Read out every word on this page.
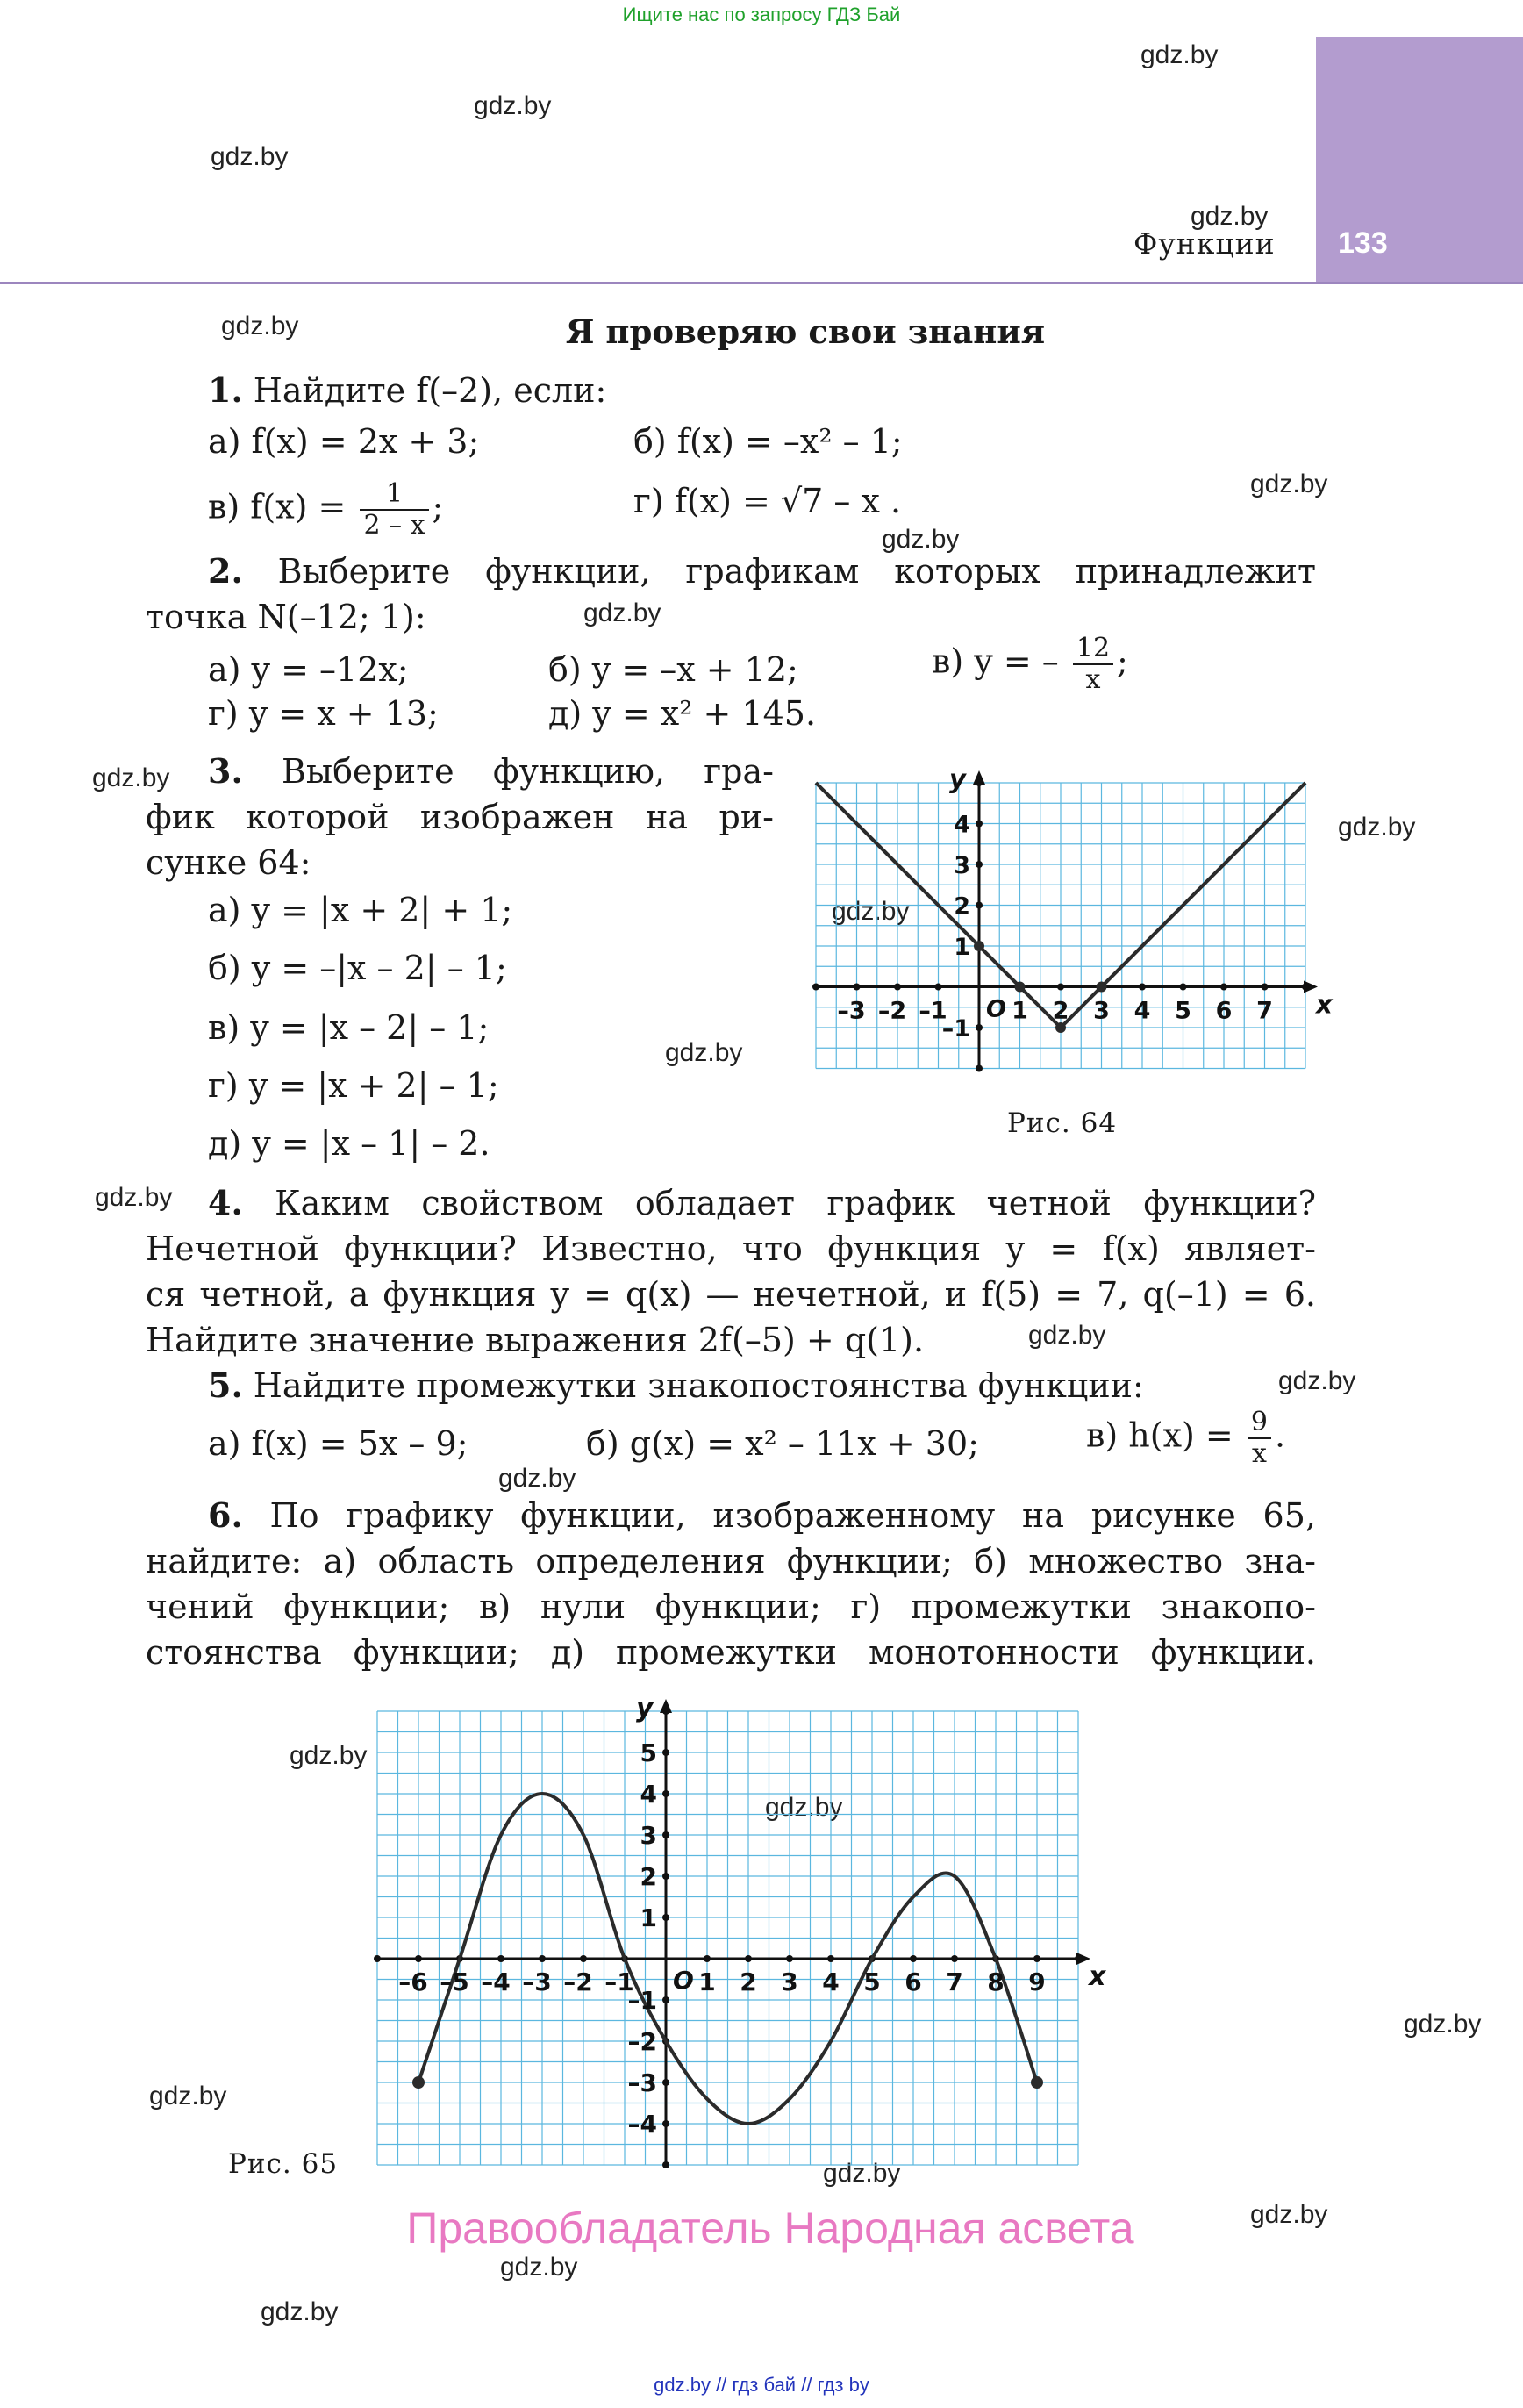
Ищите нас по запросу ГДЗ Бай
133
Функции
gdz.by
gdz.by
gdz.by
gdz.by
gdz.by
gdz.by
gdz.by
gdz.by
gdz.by
gdz.by
gdz.by
gdz.by
gdz.by
gdz.by
gdz.by
gdz.by
gdz.by
gdz.by
gdz.by
gdz.by
gdz.by
gdz.by
gdz.by
gdz.by
Я проверяю свои знания
1. Найдите f(–2), если:
а) f(x) = 2x + 3;	б) f(x) = –x² – 1;
в) $f(x) = \frac{1}{2 - x}$ ;	г) f(x) = √7 – x .
2. Выберите функции, графикам которых принадлежит
точка N(–12; 1):
а) y = –12x;	б) y = –x + 12;	в) y = – $\frac{12}{x}$ ;
г) y = x + 13;	д) y = x² + 145.
3. Выберите функцию, гра-
фик которой изображен на ри-
сунке 64:
а) y = |x + 2| + 1;
б) y = –|x – 2| – 1;
в) y = |x – 2| – 1;
г) y = |x + 2| – 1;
д) y = |x – 1| – 2.
–3 –2 –1	1 2 3 4 5 6 7
–1
1
2
3
4
O	x
y
Рис. 64
4. Каким свойством обладает график четной функции?
Нечетной функции? Известно, что функция y = f(x) являет-
ся четной, а функция y = q(x) — нечетной, и f(5) = 7, q(–1) = 6.
Найдите значение выражения 2f(–5) + q(1).
5. Найдите промежутки знакопостоянства функции:
а) f(x) = 5x – 9;	б) g(x) = x² – 11x + 30;	в) $h(x) = \frac{9}{x}$ .
6. По графику функции, изображенному на рисунке 65,
найдите: а) область определения функции; б) множество зна-
чений функции; в) нули функции; г) промежутки знакопо-
стоянства функции; д) промежутки монотонности функции.
–6 –5 –4 –3 –2 –1	1 2 3 4 5 6 7 8 9
–4
–3
–2
–1
1
2
3
4
5
O	x
y
Рис. 65
Правообладатель Народная асвета
gdz.by // гдз бай // гдз by
